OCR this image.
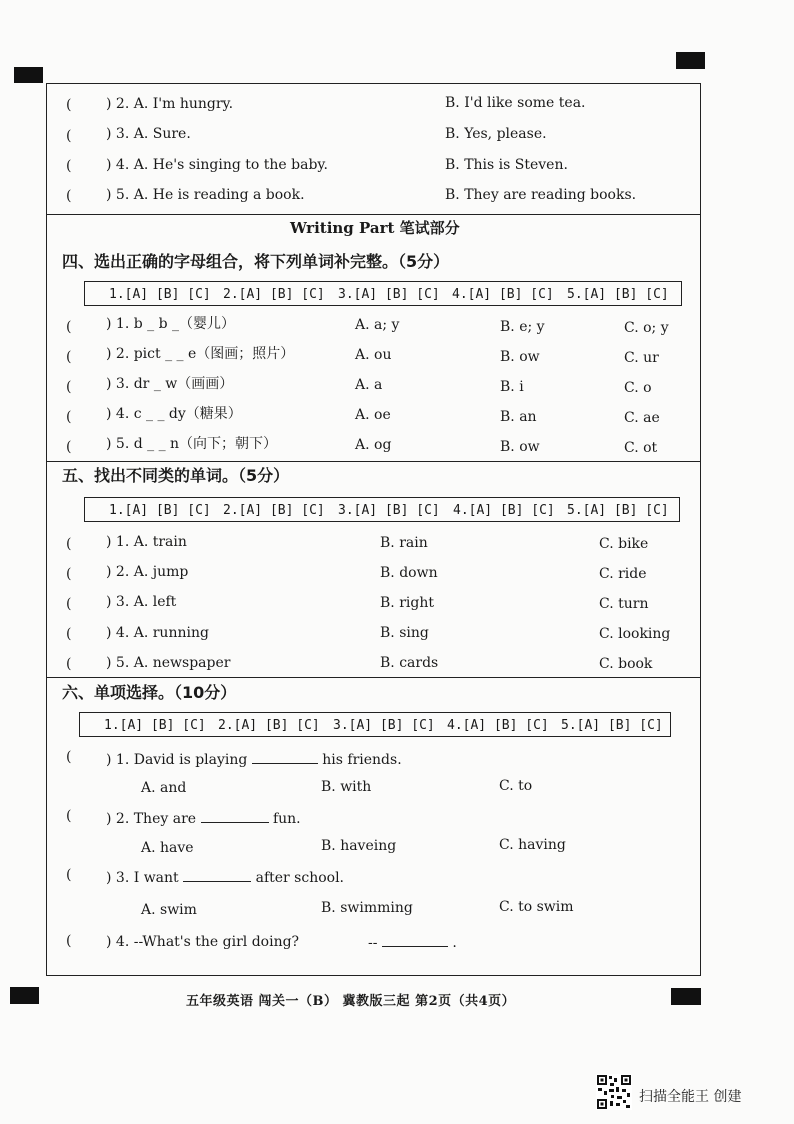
( ) 2. A. I'm hungry.	B. I'd like some tea.
( ) 3. A. Sure.	B. Yes, please.
( ) 4. A. He's singing to the baby.	B. This is Steven.
( ) 5. A. He is reading a book.	B. They are reading books.
Writing Part 笔试部分
四、选出正确的字母组合，将下列单词补完整。（5分）
1.[A] [B] [C] 2.[A] [B] [C] 3.[A] [B] [C] 4.[A] [B] [C] 5.[A] [B] [C]
( ) 1. b _ b _（婴儿）	A. a; y	B. e; y	C. o; y
( ) 2. pict _ _ e（图画；照片）	A. ou	B. ow	C. ur
( ) 3. dr _ w（画画）	A. a	B. i	C. o
( ) 4. c _ _ dy（糖果）	A. oe	B. an	C. ae
( ) 5. d _ _ n（向下；朝下）	A. og	B. ow	C. ot
五、找出不同类的单词。（5分）
1.[A] [B] [C] 2.[A] [B] [C] 3.[A] [B] [C] 4.[A] [B] [C] 5.[A] [B] [C]
( ) 1. A. train	B. rain	C. bike
( ) 2. A. jump	B. down	C. ride
( ) 3. A. left	B. right	C. turn
( ) 4. A. running	B. sing	C. looking
( ) 5. A. newspaper	B. cards	C. book
六、单项选择。（10分）
1.[A] [B] [C] 2.[A] [B] [C] 3.[A] [B] [C] 4.[A] [B] [C] 5.[A] [B] [C]
( ) 1. David is playing	his friends.
A. and	B. with	C. to
( ) 2. They are	fun.
A. have	B. haveing	C. having
( ) 3. I want	after school.
A. swim	B. swimming	C. to swim
( ) 4. --What's the girl doing?	--	.
五年级英语 闯关一（B） 冀教版三起 第2页（共4页）
扫描全能王 创建
